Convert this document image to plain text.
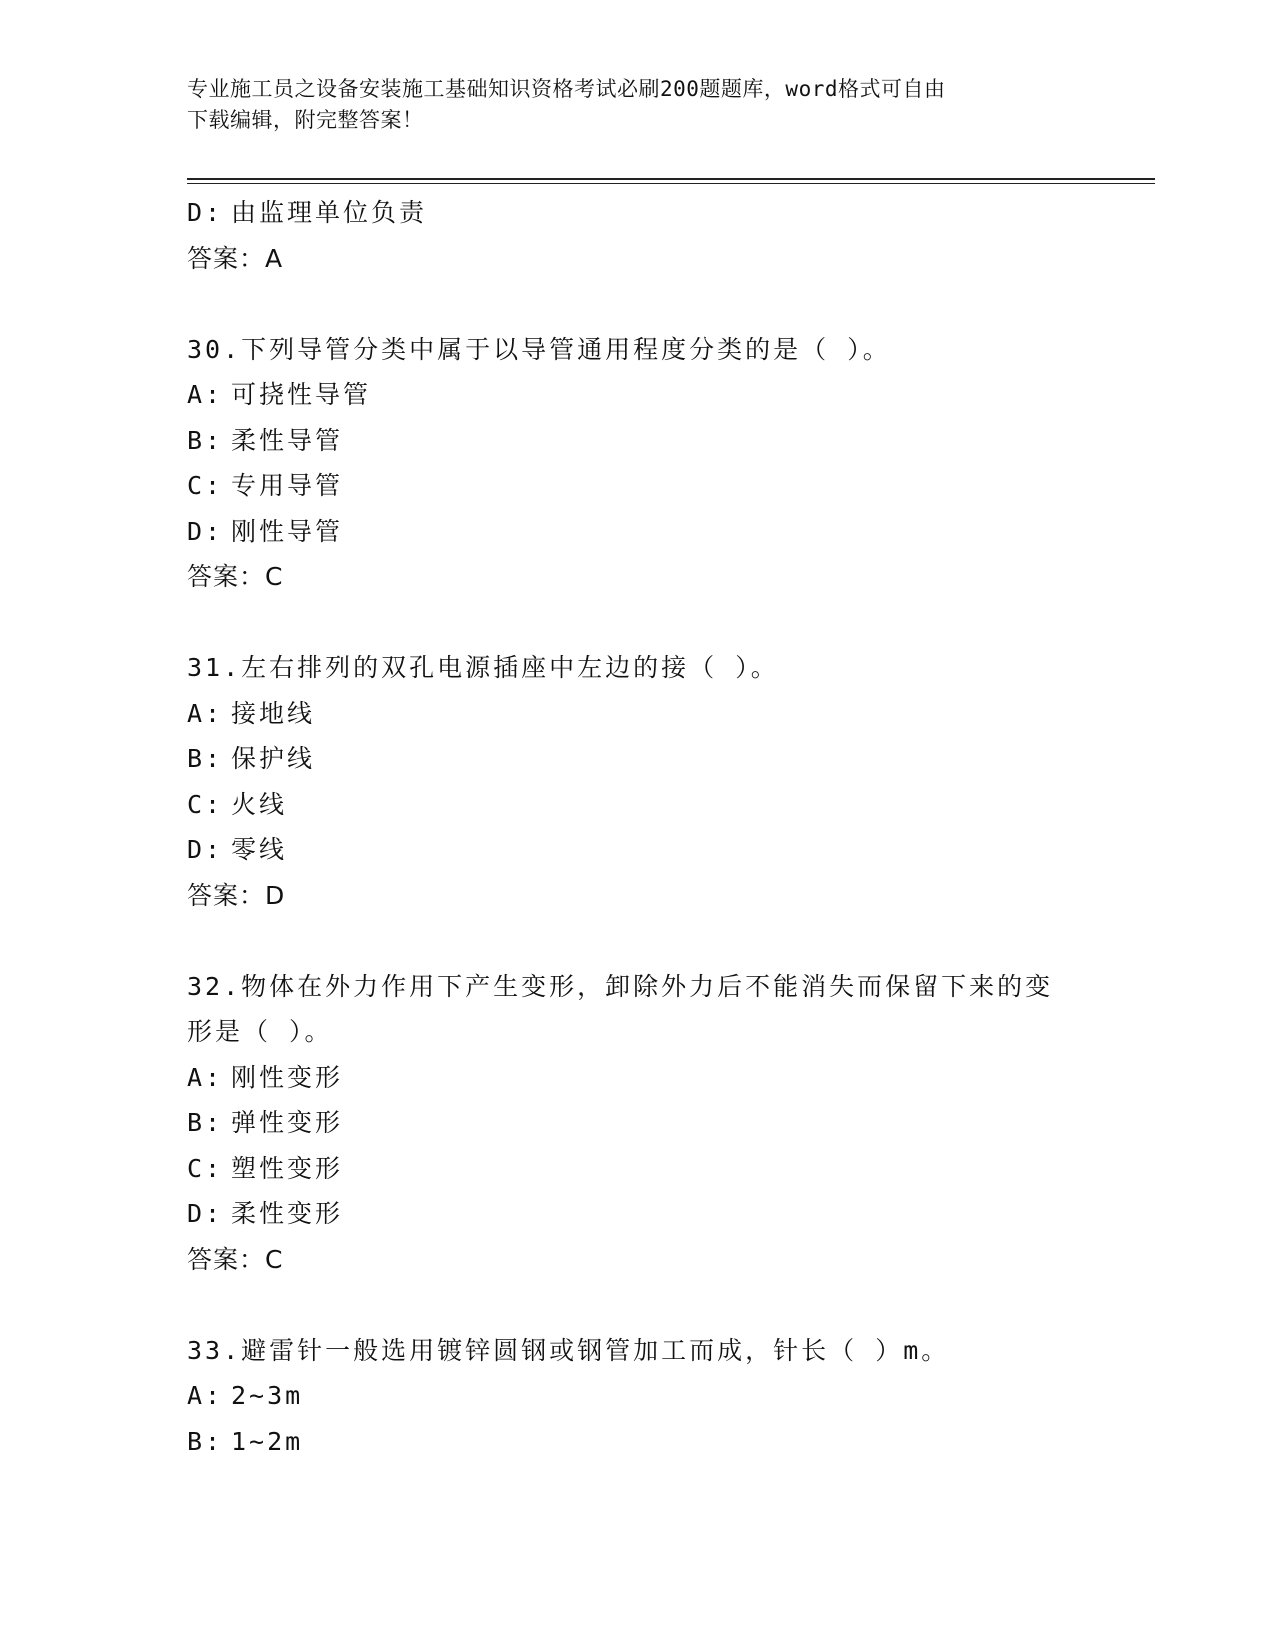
专业施工员之设备安装施工基础知识资格考试必刷200题题库，word格式可自由
下载编辑，附完整答案！
D: 由监理单位负责
答案：A
30.下列导管分类中属于以导管通用程度分类的是（ ）。
A: 可挠性导管
B: 柔性导管
C: 专用导管
D: 刚性导管
答案：C
31.左右排列的双孔电源插座中左边的接（ ）。
A: 接地线
B: 保护线
C: 火线
D: 零线
答案：D
32.物体在外力作用下产生变形，卸除外力后不能消失而保留下来的变
形是（ ）。
A: 刚性变形
B: 弹性变形
C: 塑性变形
D: 柔性变形
答案：C
33.避雷针一般选用镀锌圆钢或钢管加工而成，针长（ ）m。
A: 2~3m
B: 1~2m
